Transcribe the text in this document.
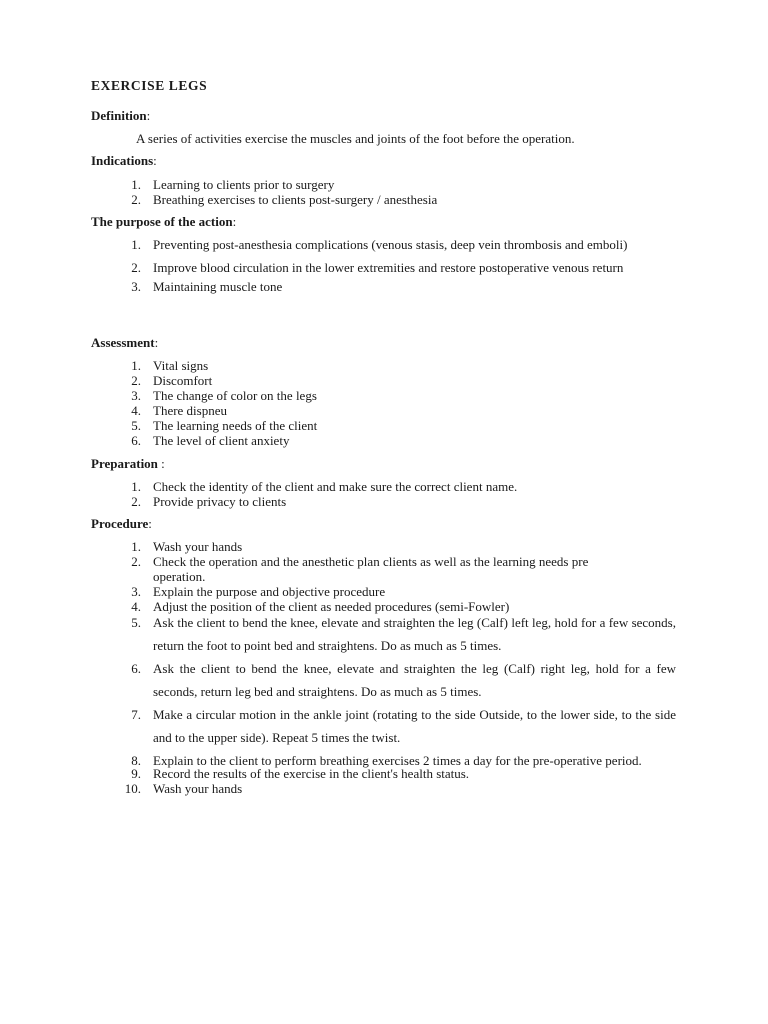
EXERCISE LEGS
Definition:
A series of activities exercise the muscles and joints of the foot before the operation.
Indications:
1. Learning to clients prior to surgery
2. Breathing exercises to clients post-surgery / anesthesia
The purpose of the action:
1. Preventing post-anesthesia complications (venous stasis, deep vein thrombosis and emboli)
2. Improve blood circulation in the lower extremities and restore postoperative venous return
3. Maintaining muscle tone
Assessment:
1. Vital signs
2. Discomfort
3. The change of color on the legs
4. There dispneu
5. The learning needs of the client
6. The level of client anxiety
Preparation :
1. Check the identity of the client and make sure the correct client name.
2. Provide privacy to clients
Procedure:
1. Wash your hands
2. Check the operation and the anesthetic plan clients as well as the learning needs pre operation.
3. Explain the purpose and objective procedure
4. Adjust the position of the client as needed procedures (semi-Fowler)
5. Ask the client to bend the knee, elevate and straighten the leg (Calf) left leg, hold for a few seconds, return the foot to point bed and straightens. Do as much as 5 times.
6. Ask the client to bend the knee, elevate and straighten the leg (Calf) right leg, hold for a few seconds, return leg bed and straightens. Do as much as 5 times.
7. Make a circular motion in the ankle joint (rotating to the side Outside, to the lower side, to the side and to the upper side). Repeat 5 times the twist.
8. Explain to the client to perform breathing exercises 2 times a day for the pre-operative period.
9. Record the results of the exercise in the client's health status.
10. Wash your hands
